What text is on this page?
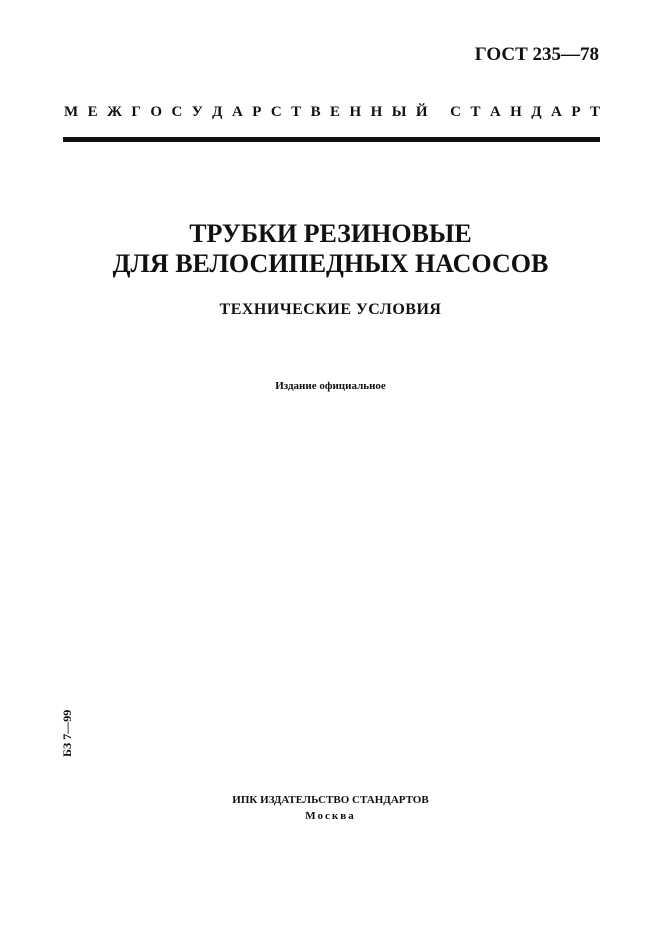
ГОСТ 235—78
М Е Ж Г О С У Д А Р С Т В Е Н Н Ы Й
С Т А Н Д А Р Т
ТРУБКИ РЕЗИНОВЫЕ
ДЛЯ ВЕЛОСИПЕДНЫХ НАСОСОВ
ТЕХНИЧЕСКИЕ УСЛОВИЯ
Издание официальное
БЗ 7—99
ИПК ИЗДАТЕЛЬСТВО СТАНДАРТОВ
Москва
